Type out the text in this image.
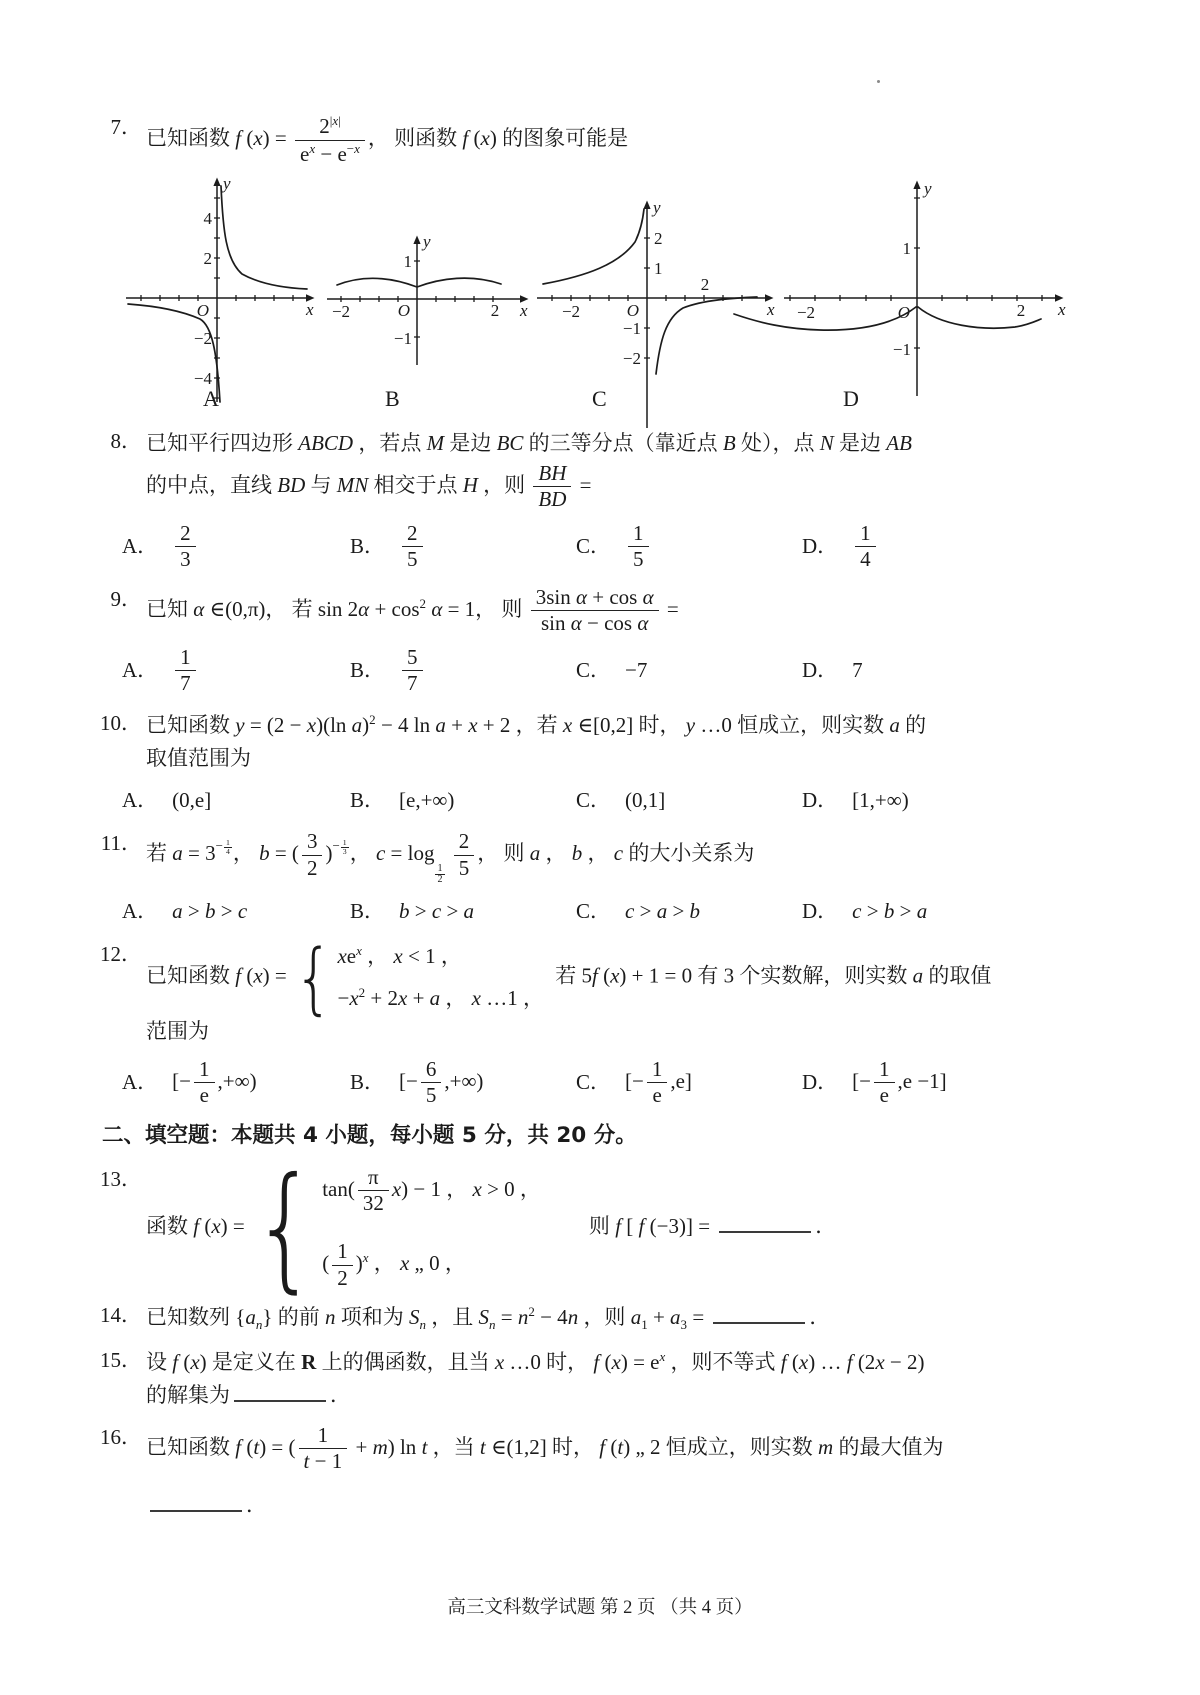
7． 已知函数 f $(x) = \frac{2^{|x|}}{e^x - e^{-x}}$ ， 则函数 f (x) 的图象可能是
4
2
−2
−4
O	x
y
1
−1
−2	2
O	x
y	2
1
−1
−2
−2
2
O	x
y
1
−1
−2	2
O	x
y
A	B	C	D
8． 已知平行四边形 ABCD ，若点 M 是边 BC 的三等分点（靠近点 B 处），点 N 是边 AB
的中点，直线 BD 与 MN 相交于点 H ，则 $\frac{BH}{BD}$ =
A． $\frac{2}{3}$	B． $\frac{2}{5}$	C． $\frac{1}{5}$	D． $\frac{1}{4}$
9． 已知 α ∈(0,π)， 若 $\sin 2\alpha + \cos^2 \alpha = 1$， 则 $\frac{\text{3sin α + cos α}}{\text{sin α − cos α}}$ =
A． $\frac{1}{7}$	B． $\frac{5}{7}$	C． −7	D． 7
10． 已知函数 y = (2 − x)(ln a)$^2$ − 4 ln a + x + 2 ，若 x ∈[0,2] 时， y …0 恒成立，则实数 a 的
取值范围为
A． (0,e]	B． [e,+∞)	C． (0,1]	D． [1,+∞)
11． 若 $a = 3^{- \frac{1}{4}}$ ， b = ( $\frac{3}{2} )^{- \frac{1}{3}}$ ， c = log
$_{\frac{1}{2}}$
$\frac{2}{5}$ ， 则 a ， b ， c 的大小关系为
A． a > b > c	B． b > c > a	C． c > a > b	D． c > b > a
12．
已知函数 f (x) = { $xe^x$ ， x < 1 ，
$-x^2 + 2x + a$ ， x …1 ，
若 5f (x) + 1 = 0 有 3 个实数解，则实数 a 的取值
范围为
A． [− $\frac{1}{e}$ ,+∞)	B． [− $\frac{6}{5}$ ,+∞)	C． [− $\frac{1}{e} ,e$]	D． [− $\frac{1}{e} ,e -1$]
二、填空题：本题共 4 小题，每小题 5 分，共 20 分。
13．
函数 f (x) = { $\tan( \frac{\pi}{32} x) - 1$ ， x > 0 ，
( $\frac{1}{2} )^x$ ， x „ 0 ，
　　则 f [ f (−3)] =	．
14． 已知数列 $\{a_n\}$ 的前 n 项和为 $S_n$ ，且 $S_n = n^2 - 4n$ ，则 $a_1 + a_3$ =	．
15． 设 f (x) 是定义在 R 上的偶函数，且当 x …0 时， f $(x) = e^x$ ，则不等式 f (x) … f (2x − 2)
的解集为	．
16． 已知函数 f (t) = ( $\frac{1}{t - 1} + m$) ln t ，当 t ∈(1,2] 时， f (t) „ 2 恒成立，则实数 m 的最大值为
．
高三文科数学试题 第 2 页 （共 4 页）
